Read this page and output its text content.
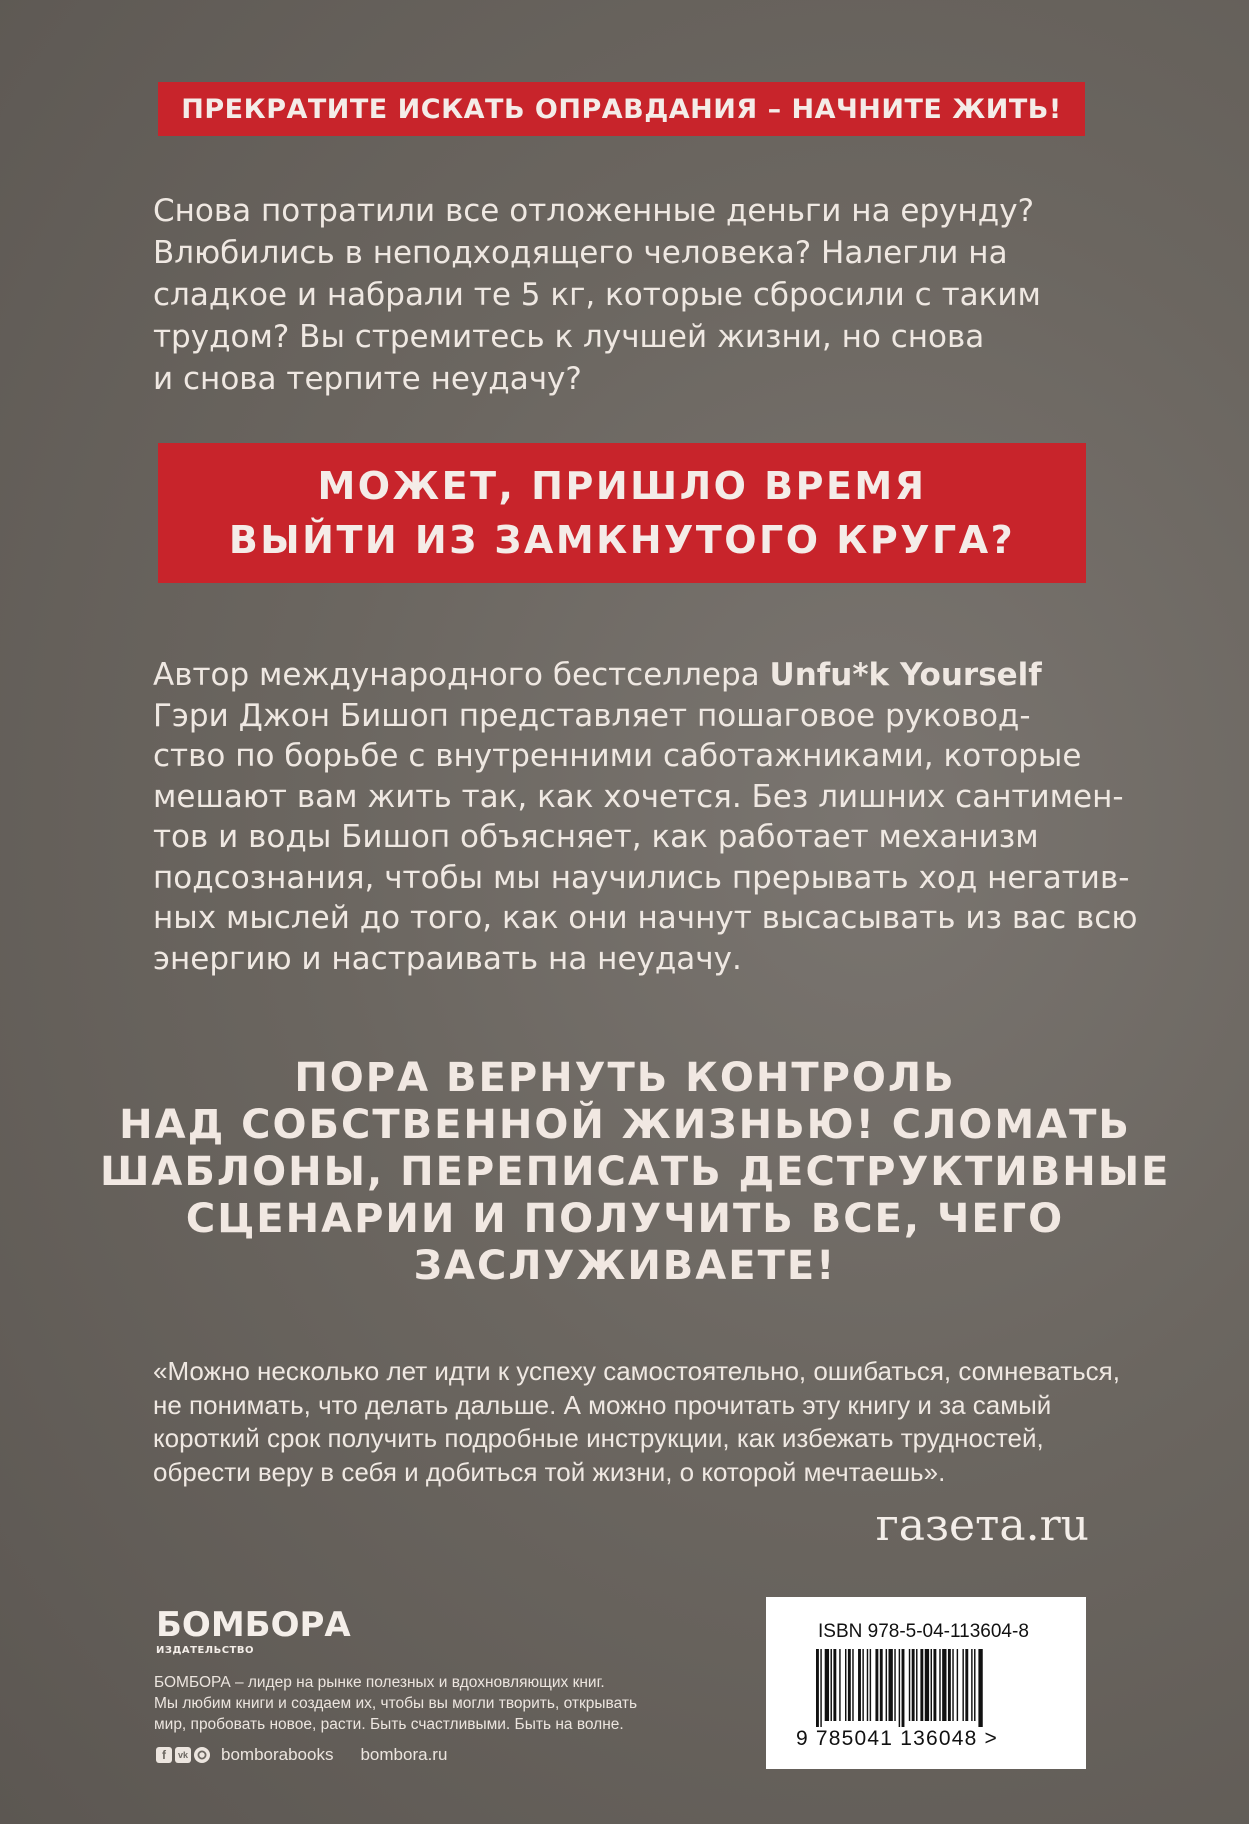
ПРЕКРАТИТЕ ИСКАТЬ ОПРАВДАНИЯ – НАЧНИТЕ ЖИТЬ!

Снова потратили все отложенные деньги на ерунду?
Влюбились в неподходящего человека? Налегли на
сладкое и набрали те 5 кг, которые сбросили с таким
трудом? Вы стремитесь к лучшей жизни, но снова
и снова терпите неудачу?

МОЖЕТ, ПРИШЛО ВРЕМЯ
ВЫЙТИ ИЗ ЗАМКНУТОГО КРУГА?

Автор международного бестселлера Unfu*k Yourself
Гэри Джон Бишоп представляет пошаговое руковод-
ство по борьбе с внутренними саботажниками, которые
мешают вам жить так, как хочется. Без лишних сантимен-
тов и воды Бишоп объясняет, как работает механизм
подсознания, чтобы мы научились прерывать ход негатив-
ных мыслей до того, как они начнут высасывать из вас всю
энергию и настраивать на неудачу.

ПОРА ВЕРНУТЬ КОНТРОЛЬ
НАД СОБСТВЕННОЙ ЖИЗНЬЮ! СЛОМАТЬ
ШАБЛОНЫ, ПЕРЕПИСАТЬ ДЕСТРУКТИВНЫЕ
СЦЕНАРИИ И ПОЛУЧИТЬ ВСЕ, ЧЕГО
ЗАСЛУЖИВАЕТЕ!

«Можно несколько лет идти к успеху самостоятельно, ошибаться, сомневаться,
не понимать, что делать дальше. А можно прочитать эту книгу и за самый
короткий срок получить подробные инструкции, как избежать трудностей,
обрести веру в себя и добиться той жизни, о которой мечтаешь».

газета.ru
БОМБОРА
ИЗДАТЕЛЬСТВО

БОМБОРА – лидер на рынке полезных и вдохновляющих книг.
Мы любим книги и создаем их, чтобы вы могли творить, открывать
мир, пробовать новое, расти. Быть счастливыми. Быть на волне.

f	vk bomborabooks bombora.ru
ISBN 978-5-04-113604-8
9 785041 136048 >
